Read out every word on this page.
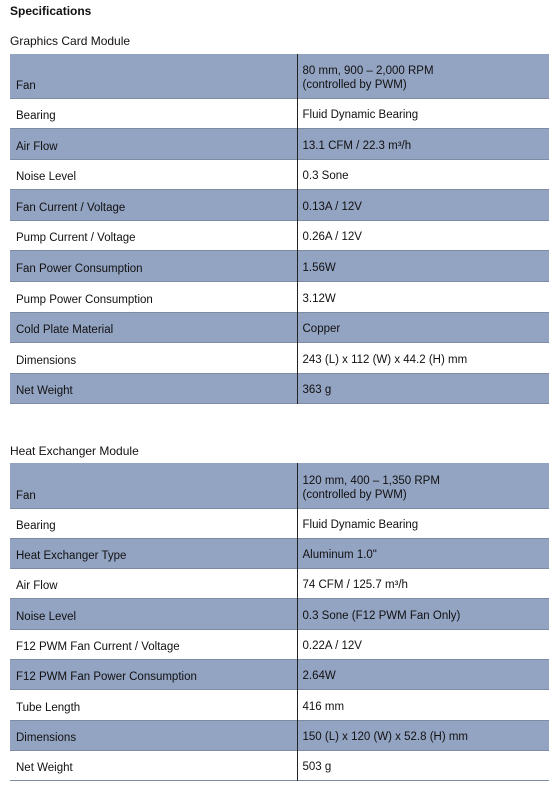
Specifications
Graphics Card Module
Fan	80 mm, 900 – 2,000 RPM
(controlled by PWM)

Bearing	Fluid Dynamic Bearing

Air Flow	13.1 CFM / 22.3 m³/h

Noise Level	0.3 Sone

Fan Current / Voltage	0.13A / 12V

Pump Current / Voltage	0.26A / 12V

Fan Power Consumption	1.56W

Pump Power Consumption	3.12W

Cold Plate Material	Copper

Dimensions	243 (L) x 112 (W) x 44.2 (H) mm

Net Weight	363 g
Heat Exchanger Module
Fan	120 mm, 400 – 1,350 RPM
(controlled by PWM)

Bearing	Fluid Dynamic Bearing

Heat Exchanger Type	Aluminum 1.0"

Air Flow	74 CFM / 125.7 m³/h

Noise Level	0.3 Sone (F12 PWM Fan Only)

F12 PWM Fan Current / Voltage	0.22A / 12V

F12 PWM Fan Power Consumption	2.64W

Tube Length	416 mm

Dimensions	150 (L) x 120 (W) x 52.8 (H) mm

Net Weight	503 g
